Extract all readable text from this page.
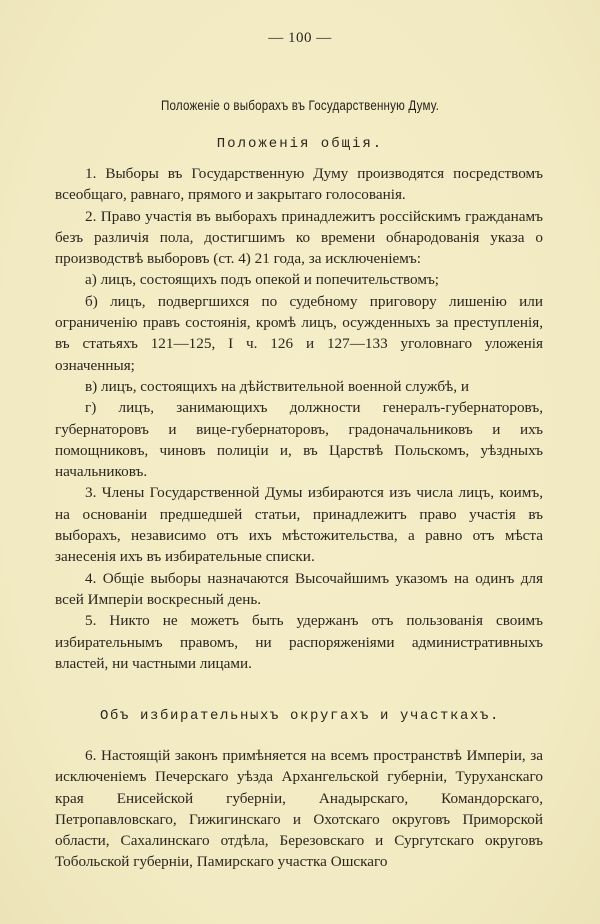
— 100 —
Положеніе о выборахъ въ Государственную Думу.
Положенія общія.

1. Выборы въ Государственную Думу производятся посредствомъ всеобщаго, равнаго, прямого и закрытаго голосованія.

2. Право участія въ выборахъ принадлежитъ россійскимъ гражданамъ безъ различія пола, достигшимъ ко времени обнародованія указа о производствѣ выборовъ (ст. 4) 21 года, за исключеніемъ:

а) лицъ, состоящихъ подъ опекой и попечительствомъ;

б) лицъ, подвергшихся по судебному приговору лишенію или ограниченію правъ состоянія, кромѣ лицъ, осужденныхъ за преступленія, въ статьяхъ 121—125, I ч. 126 и 127—133 уголовнаго уложенія означенныя;

в) лицъ, состоящихъ на дѣйствительной военной службѣ, и

г) лицъ, занимающихъ должности генералъ-губернаторовъ, губернаторовъ и вице-губернаторовъ, градоначальниковъ и ихъ помощниковъ, чиновъ полиціи и, въ Царствѣ Польскомъ, уѣздныхъ начальниковъ.

3. Члены Государственной Думы избираются изъ числа лицъ, коимъ, на основаніи предшедшей статьи, принадлежитъ право участія въ выборахъ, независимо отъ ихъ мѣстожительства, а равно отъ мѣста занесенія ихъ въ избирательные списки.

4. Общіе выборы назначаются Высочайшимъ указомъ на одинъ для всей Имперіи воскресный день.

5. Никто не можетъ быть удержанъ отъ пользованія своимъ избирательнымъ правомъ, ни распоряженіями административныхъ властей, ни частными лицами.

Объ избирательныхъ округахъ и участкахъ.

6. Настоящій законъ примѣняется на всемъ пространствѣ Имперіи, за исключеніемъ Печерскаго уѣзда Архангельской губерніи, Туруханскаго края Енисейской губерніи, Анадырскаго, Командорскаго, Петропавловскаго, Гижигинскаго и Охотскаго округовъ Приморской области, Сахалинскаго отдѣла, Березовскаго и Сургутскаго округовъ Тобольской губерніи, Памирскаго участка Ошскаго
